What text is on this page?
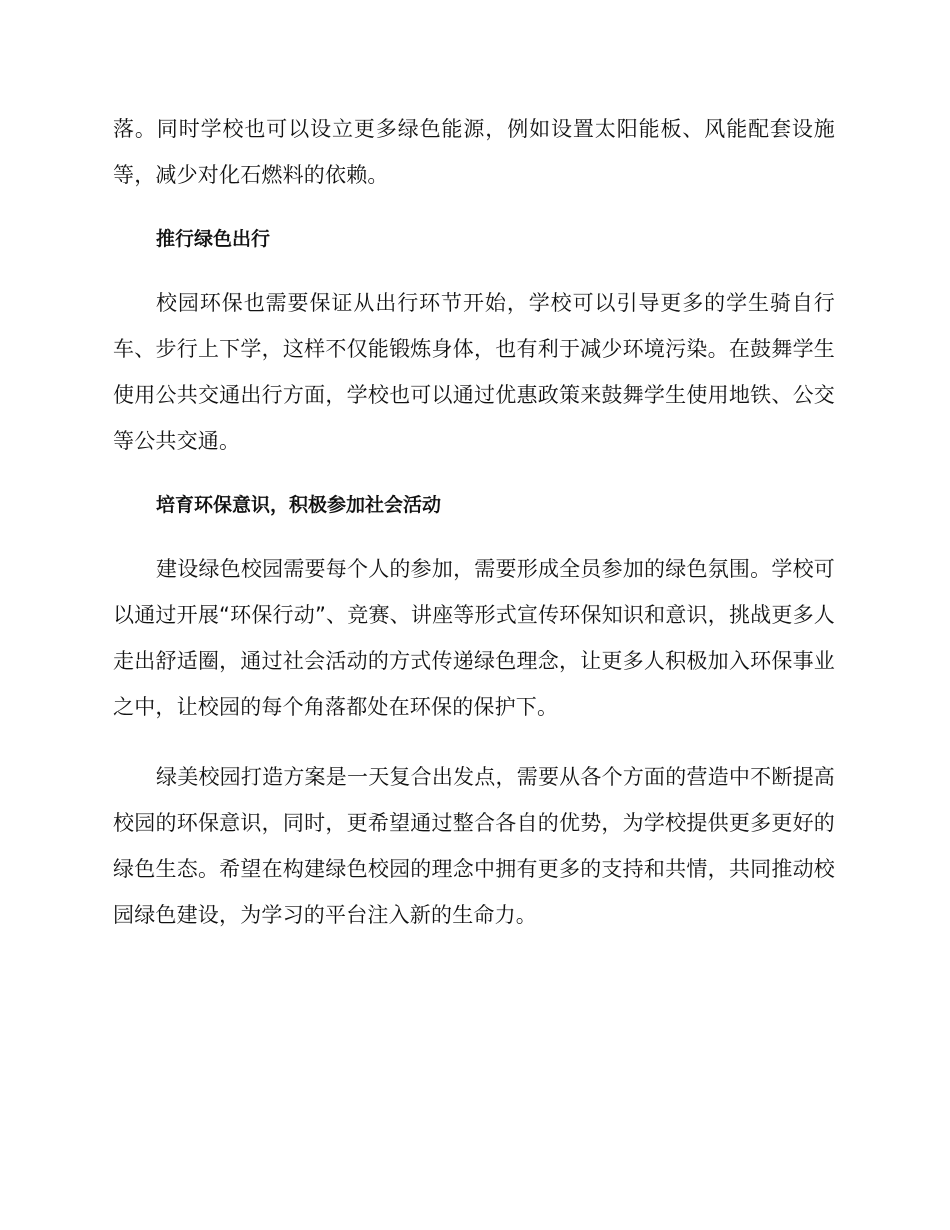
落。同时学校也可以设立更多绿色能源，例如设置太阳能板、风能配套设施等，减少对化石燃料的依赖。

推行绿色出行

校园环保也需要保证从出行环节开始，学校可以引导更多的学生骑自行车、步行上下学，这样不仅能锻炼身体，也有利于减少环境污染。在鼓舞学生使用公共交通出行方面，学校也可以通过优惠政策来鼓舞学生使用地铁、公交等公共交通。

培育环保意识，积极参加社会活动

建设绿色校园需要每个人的参加，需要形成全员参加的绿色氛围。学校可以通过开展“环保行动”、竞赛、讲座等形式宣传环保知识和意识，挑战更多人走出舒适圈，通过社会活动的方式传递绿色理念，让更多人积极加入环保事业之中，让校园的每个角落都处在环保的保护下。

绿美校园打造方案是一天复合出发点，需要从各个方面的营造中不断提高校园的环保意识，同时，更希望通过整合各自的优势，为学校提供更多更好的绿色生态。希望在构建绿色校园的理念中拥有更多的支持和共情，共同推动校园绿色建设，为学习的平台注入新的生命力。
